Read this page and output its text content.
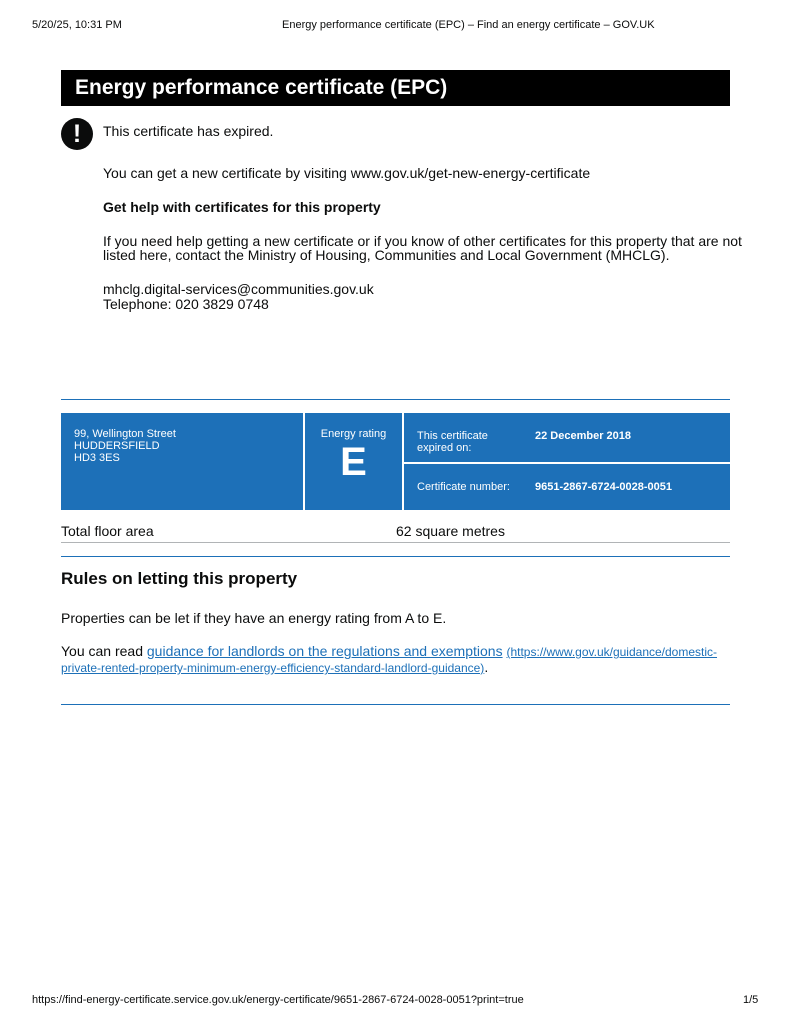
5/20/25, 10:31 PM	Energy performance certificate (EPC) – Find an energy certificate – GOV.UK
Energy performance certificate (EPC)
!	This certificate has expired.
You can get a new certificate by visiting www.gov.uk/get-new-energy-certificate
Get help with certificates for this property
If you need help getting a new certificate or if you know of other certificates for this property that are not
listed here, contact the Ministry of Housing, Communities and Local Government (MHCLG).
mhclg.digital-services@communities.gov.uk
Telephone: 020 3829 0748
99, Wellington Street
HUDDERSFIELD
HD3 3ES
Energy rating
E
This certificate
expired on:
22 December 2018
Certificate number: 9651-2867-6724-0028-0051
Total floor area	62 square metres
Rules on letting this property
Properties can be let if they have an energy rating from A to E.
You can read guidance for landlords on the regulations and exemptions (https://www.gov.uk/guidance/domestic-
private-rented-property-minimum-energy-efficiency-standard-landlord-guidance).
https://find-energy-certificate.service.gov.uk/energy-certificate/9651-2867-6724-0028-0051?print=true	1/5
